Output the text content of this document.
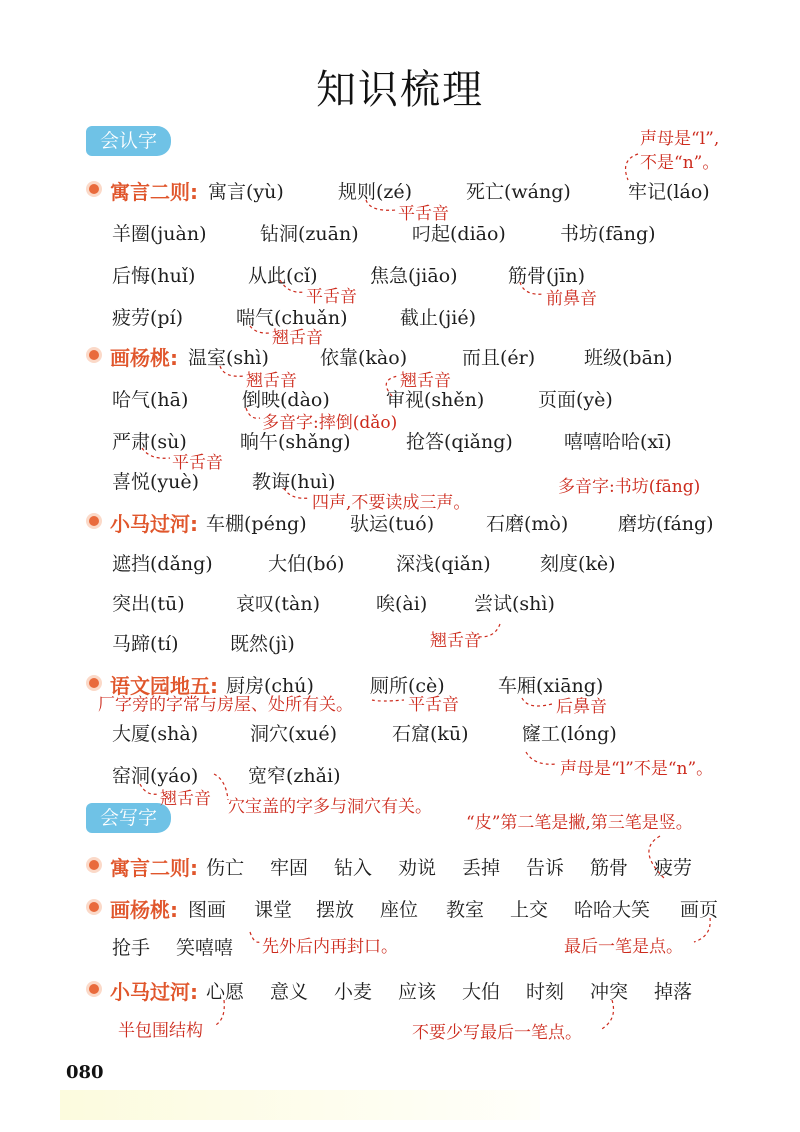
知识梳理
会认字
会写字
寓言二则: 寓言(yù)	规则(zé)	死亡(wáng)	牢记(láo)
羊圈(juàn)	钻洞(zuān)	叼起(diāo)	书坊(fāng)
后悔(huǐ)	从此(cǐ)	焦急(jiāo)	筋骨(jīn)
疲劳(pí)	喘气(chuǎn)	截止(jié)
画杨桃: 温室(shì)	依靠(kào)	而且(ér)	班级(bān)
哈气(hā)	倒映(dào)	审视(shěn)	页面(yè)
严肃(sù)	晌午(shǎng)	抢答(qiǎng)	嘻嘻哈哈(xī)
喜悦(yuè)	教诲(huì)
小马过河: 车棚(péng) 驮运(tuó)	石磨(mò)	磨坊(fáng)
遮挡(dǎng)	大伯(bó)	深浅(qiǎn)	刻度(kè)
突出(tū)	哀叹(tàn)	唉(ài) 尝试(shì)
马蹄(tí)	既然(jì)
语文园地五: 厨房(chú)	厕所(cè)	车厢(xiāng)
大厦(shà)	洞穴(xué)	石窟(kū)	窿工(lóng)
窑洞(yáo)	宽窄(zhǎi)
寓言二则: 伤亡 牢固 钻入 劝说 丢掉 告诉 筋骨 疲劳
画杨桃: 图画 课堂 摆放 座位 教室 上交 哈哈大笑 画页
抢手 笑嘻嘻
小马过河: 心愿 意义 小麦 应该 大伯 时刻 冲突 掉落
声母是“l”,
不是“n”。
平舌音
平舌音	前鼻音
翘舌音
翘舌音	翘舌音
多音字:摔倒(dǎo)
平舌音
多音字:书坊(fāng)
四声,不要读成三声。
翘舌音
厂字旁的字常与房屋、处所有关。	平舌音	后鼻音
声母是“l”不是“n”。
翘舌音 穴宝盖的字多与洞穴有关。
“皮”第二笔是撇,第三笔是竖。
先外后内再封口。	最后一笔是点。
半包围结构	不要少写最后一笔点。
080
